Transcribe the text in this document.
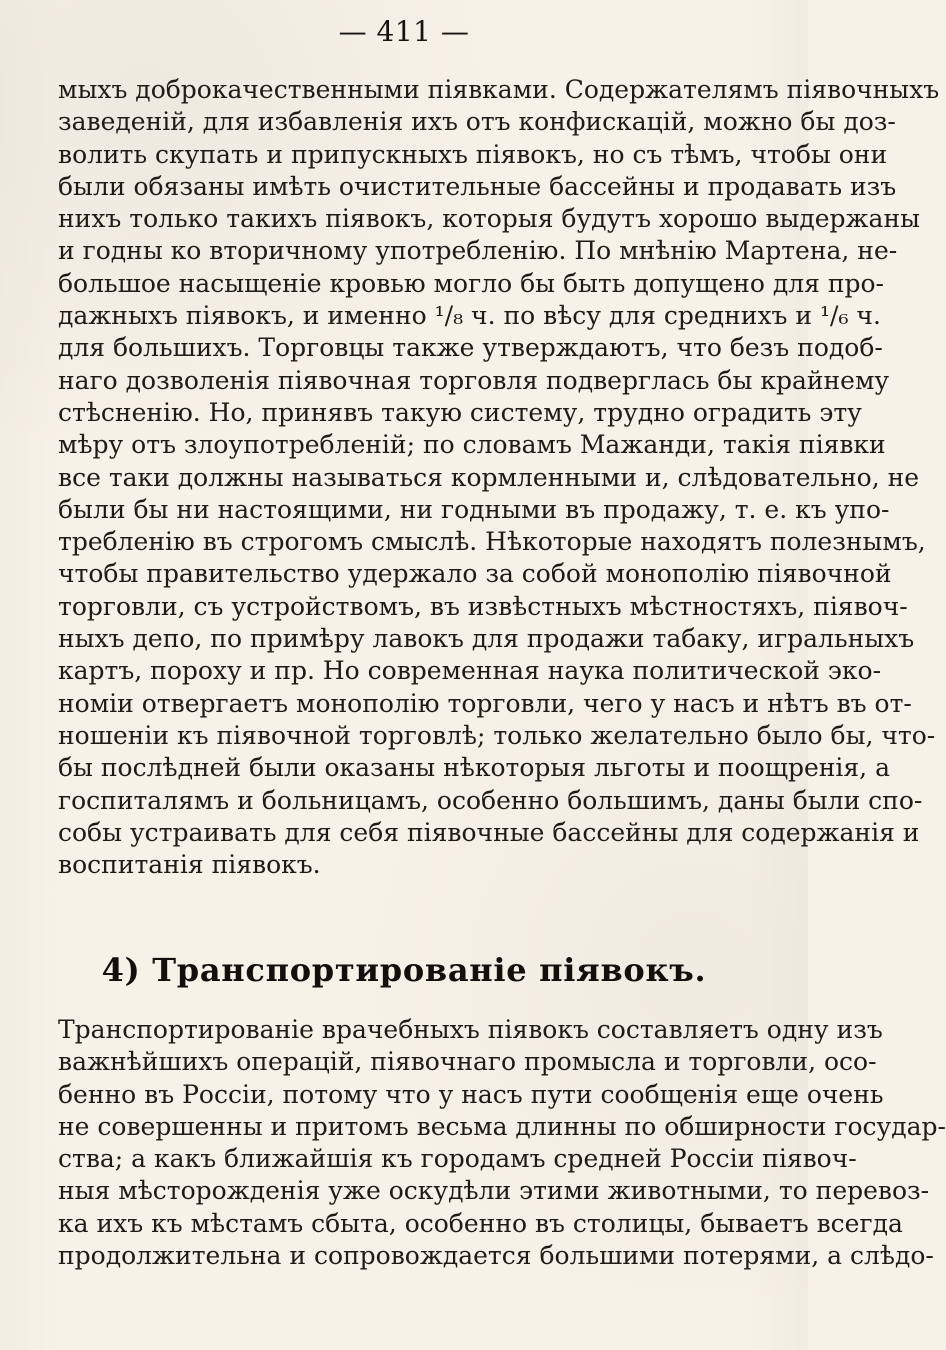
— 411 —
мыхъ доброкачественными піявками. Содержателямъ піявочныхъ
заведеній, для избавленія ихъ отъ конфискацій, можно бы доз-
волить скупать и припускныхъ піявокъ, но съ тѣмъ, чтобы они
были обязаны имѣть очистительные бассейны и продавать изъ
нихъ только такихъ піявокъ, которыя будутъ хорошо выдержаны
и годны ко вторичному употребленію. По мнѣнію Мартена, не-
большое насыщеніе кровью могло бы быть допущено для про-
дажныхъ піявокъ, и именно ¹/₈ ч. по вѣсу для среднихъ и ¹/₆ ч.
для большихъ. Торговцы также утверждаютъ, что безъ подоб-
наго дозволенія піявочная торговля подверглась бы крайнему
стѣсненію. Но, принявъ такую систему, трудно оградить эту
мѣру отъ злоупотребленій; по словамъ Мажанди, такія піявки
все таки должны называться кормленными и, слѣдовательно, не
были бы ни настоящими, ни годными въ продажу, т. е. къ упо-
требленію въ строгомъ смыслѣ. Нѣкоторые находятъ полезнымъ,
чтобы правительство удержало за собой монополію піявочной
торговли, съ устройствомъ, въ извѣстныхъ мѣстностяхъ, піявоч-
ныхъ депо, по примѣру лавокъ для продажи табаку, игральныхъ
картъ, пороху и пр. Но современная наука политической эко-
номіи отвергаетъ монополію торговли, чего у насъ и нѣтъ въ от-
ношеніи къ піявочной торговлѣ; только желательно было бы, что-
бы послѣдней были оказаны нѣкоторыя льготы и поощренія, а
госпиталямъ и больницамъ, особенно большимъ, даны были спо-
собы устраивать для себя піявочные бассейны для содержанія и
воспитанія піявокъ.
4) Транспортированіе піявокъ.
Транспортированіе врачебныхъ піявокъ составляетъ одну изъ
важнѣйшихъ операцій, піявочнаго промысла и торговли, осо-
бенно въ Россіи, потому что у насъ пути сообщенія еще очень
не совершенны и притомъ весьма длинны по обширности государ-
ства; а какъ ближайшія къ городамъ средней Россіи піявоч-
ныя мѣсторожденія уже оскудѣли этими животными, то перевоз-
ка ихъ къ мѣстамъ сбыта, особенно въ столицы, бываетъ всегда
продолжительна и сопровождается большими потерями, а слѣдо-
